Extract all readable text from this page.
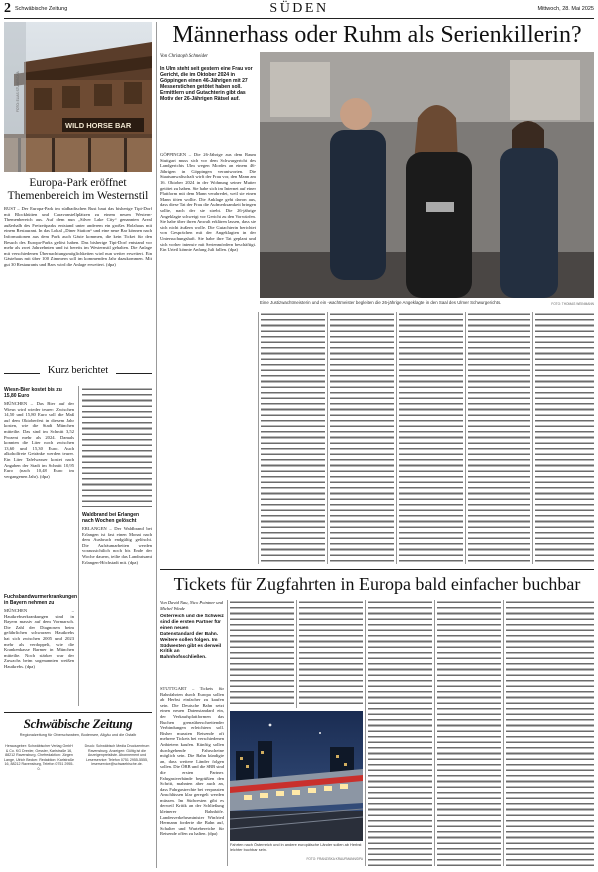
2 Schwäbische Zeitung	SÜDEN	Mittwoch, 28. Mai 2025
WILD HORSE BAR
FOTO: ELIAS STUBER/DPA
Europa-Park eröffnet Themenbereich im Westernstil
RUST – Der Europa-Park im südbadischen Rust baut das bisherige Tipi-Dorf mit Blockhütten und Caravanstellplätzen zu einem neuen Western-Themenbereich aus. Auf dem nun „Silver Lake City“ genannten Areal außerhalb des Freizeitparks entstand unter anderem ein großes Holzhaus mit einem Restaurant. In das Lokal „Diner Station“ und eine neue Bar können nach Informationen aus dem Park auch Gäste kommen, die kein Ticket für den Besuch des Europa-Parks gelöst haben. Das bisherige Tipi-Dorf entstand vor mehr als zwei Jahrzehnten und ist bereits im Westernstil gehalten. Die Anlage mit verschiedenen Übernachtungsmöglichkeiten wird nun weiter erweitert. Ein Gästehaus mit über 100 Zimmern soll im kommenden Jahr dazukommen. Mit gut 30 Restaurants und Bars wird die Anlage erweitert. (dpa)
Kurz berichtet
Wiesn-Bier kostet bis zu 15,80 Euro
MÜNCHEN – Das Bier auf der Wiesn wird wieder teurer: Zwischen 14,50 und 15,80 Euro soll die Maß auf dem Oktoberfest in diesem Jahr kosten, wie die Stadt München mitteilte. Das sind im Schnitt 3,52 Prozent mehr als 2024. Damals konnten die Liter noch zwischen 13,60 und 15,30 Euro. Auch alkoholfreie Getränke werden teurer. Ein Liter Tafelwasser kostet nach Angaben der Stadt im Schnitt 10,95 Euro (nach 10,48 Euro im vergangenen Jahr). (dpa)
Fuchsbandwurmerkrankungen in Bayern nehmen zu
MÜNCHEN – Hautkrebserkrankungen sind in Bayern massiv auf dem Vormarsch. Die Zahl der Diagnosen beim gefährlichen schwarzen Hautkrebs hat sich zwischen 2005 und 2023 mehr als verdoppelt, wie die Krankenkasse Barmer in München mitteilte. Noch stärker war der Zuwachs beim sogenannten weißen Hautkrebs. (dpa)
Waldbrand bei Erlangen nach Wochen gelöscht
ERLANGEN – Der Waldbrand bei Erlangen ist fast einen Monat nach dem Ausbruch endgültig gelöscht. Die Aufräumarbeiten werden voraussichtlich noch bis Ende der Woche dauern, teilte das Landratsamt Erlangen-Höchstadt mit. (dpa)
Schwäbische Zeitung
Regionalzeitung für Oberschwaben, Bodensee, Allgäu und die Ostalb
Herausgeber: Schwäbischer Verlag GmbH & Co. KG Drexler, Gessler, Karlstraße 16, 88212 Ravensburg. Chefredaktion: Jürgen Lange, Ulrich Becker. Redaktion: Karlstraße 16, 88212 Ravensburg, Telefon 0751 2955-0.
Druck: Schwäbisch Media Druckzentrum Ravensburg. Anzeigen: Gültig ist die Anzeigenpreisliste. Abonnement und Leserservice: Telefon 0751 2955-5555, leserservice@schwaebische.de.
Männerhass oder Ruhm als Serienkillerin?
Von Christoph Schneider
In Ulm steht seit gestern eine Frau vor Gericht, die im Oktober 2024 in Göppingen einen 46-Jährigen mit 27 Messerstichen getötet haben soll. Ermittlern und Gutachterin gibt das Motiv der 26-Jährigen Rätsel auf.
GÖPPINGEN – Die 26-Jährige aus dem Raum Stuttgart muss sich vor dem Schwurgericht des Landgerichts Ulm wegen Mordes an einem 46-Jährigen in Göppingen verantworten. Die Staatsanwaltschaft wirft der Frau vor, den Mann am 16. Oktober 2024 in der Wohnung seiner Mutter getötet zu haben. Sie habe sich im Internet auf einer Plattform mit dem Mann verabredet, weil sie einen Mann töten wollte. Die Anklage geht davon aus, dass diese Tat der Frau die Aufmerksamkeit bringen sollte, nach der sie strebt. Die 26-jährige Angeklagte schweigt vor Gericht zu den Vorwürfen. Sie habe über ihren Anwalt erklären lassen, dass sie sich nicht äußern wolle. Die Gutachterin berichtet von Gesprächen mit der Angeklagten in der Untersuchungshaft. Sie habe ihre Tat geplant und sich vorher intensiv mit Serienmördern beschäftigt. Ein Urteil könnte Anfang Juli fallen. (dpa)
Eine Justizwachtmeisterin und ein -wachtmeister begleiten die 26-jährige Angeklagte in den Saal des Ulmer Schwurgerichts.	FOTO: THOMAS WEINMANN
Tickets für Zugfahrten in Europa bald einfacher buchbar
Von David Nau, Nico Pointner und Michel Winde
Österreich und die Schweiz sind die ersten Partner für einen neuen Datenstandard der Bahn. Weitere sollen folgen. Im Südwesten gibt es derweil Kritik an Bahnhofsschließen.
STUTTGART – Tickets für Bahnfahrten durch Europa sollen ab Herbst einfacher zu kaufen sein. Die Deutsche Bahn setzt einen neuen Datenstandard ein, der Verkaufsplattformen das Buchen grenzüberschreitender Verbindungen erleichtern soll. Bisher mussten Reisende oft mehrere Tickets bei verschiedenen Anbietern kaufen. Künftig sollen durchgehende Fahrscheine möglich sein. Die Bahn kündigte an, dass weitere Länder folgen sollen. Die ÖBB und die SBB sind die ersten Partner. Fahrgastverbände begrüßten den Schritt, mahnten aber auch an, dass Fahrgastrechte bei verpassten Anschlüssen klar geregelt werden müssen. Im Südwesten gibt es derweil Kritik an der Schließung kleinerer Bahnhöfe. Landesverkehrsminister Winfried Hermann forderte die Bahn auf, Schalter und Wartebereiche für Reisende offen zu halten. (dpa)
Fahrten nach Österreich und in andere europäische Länder sollen ab Herbst leichter buchbar sein.
FOTO: FRANZISKA KRAUFMANN/DPA
